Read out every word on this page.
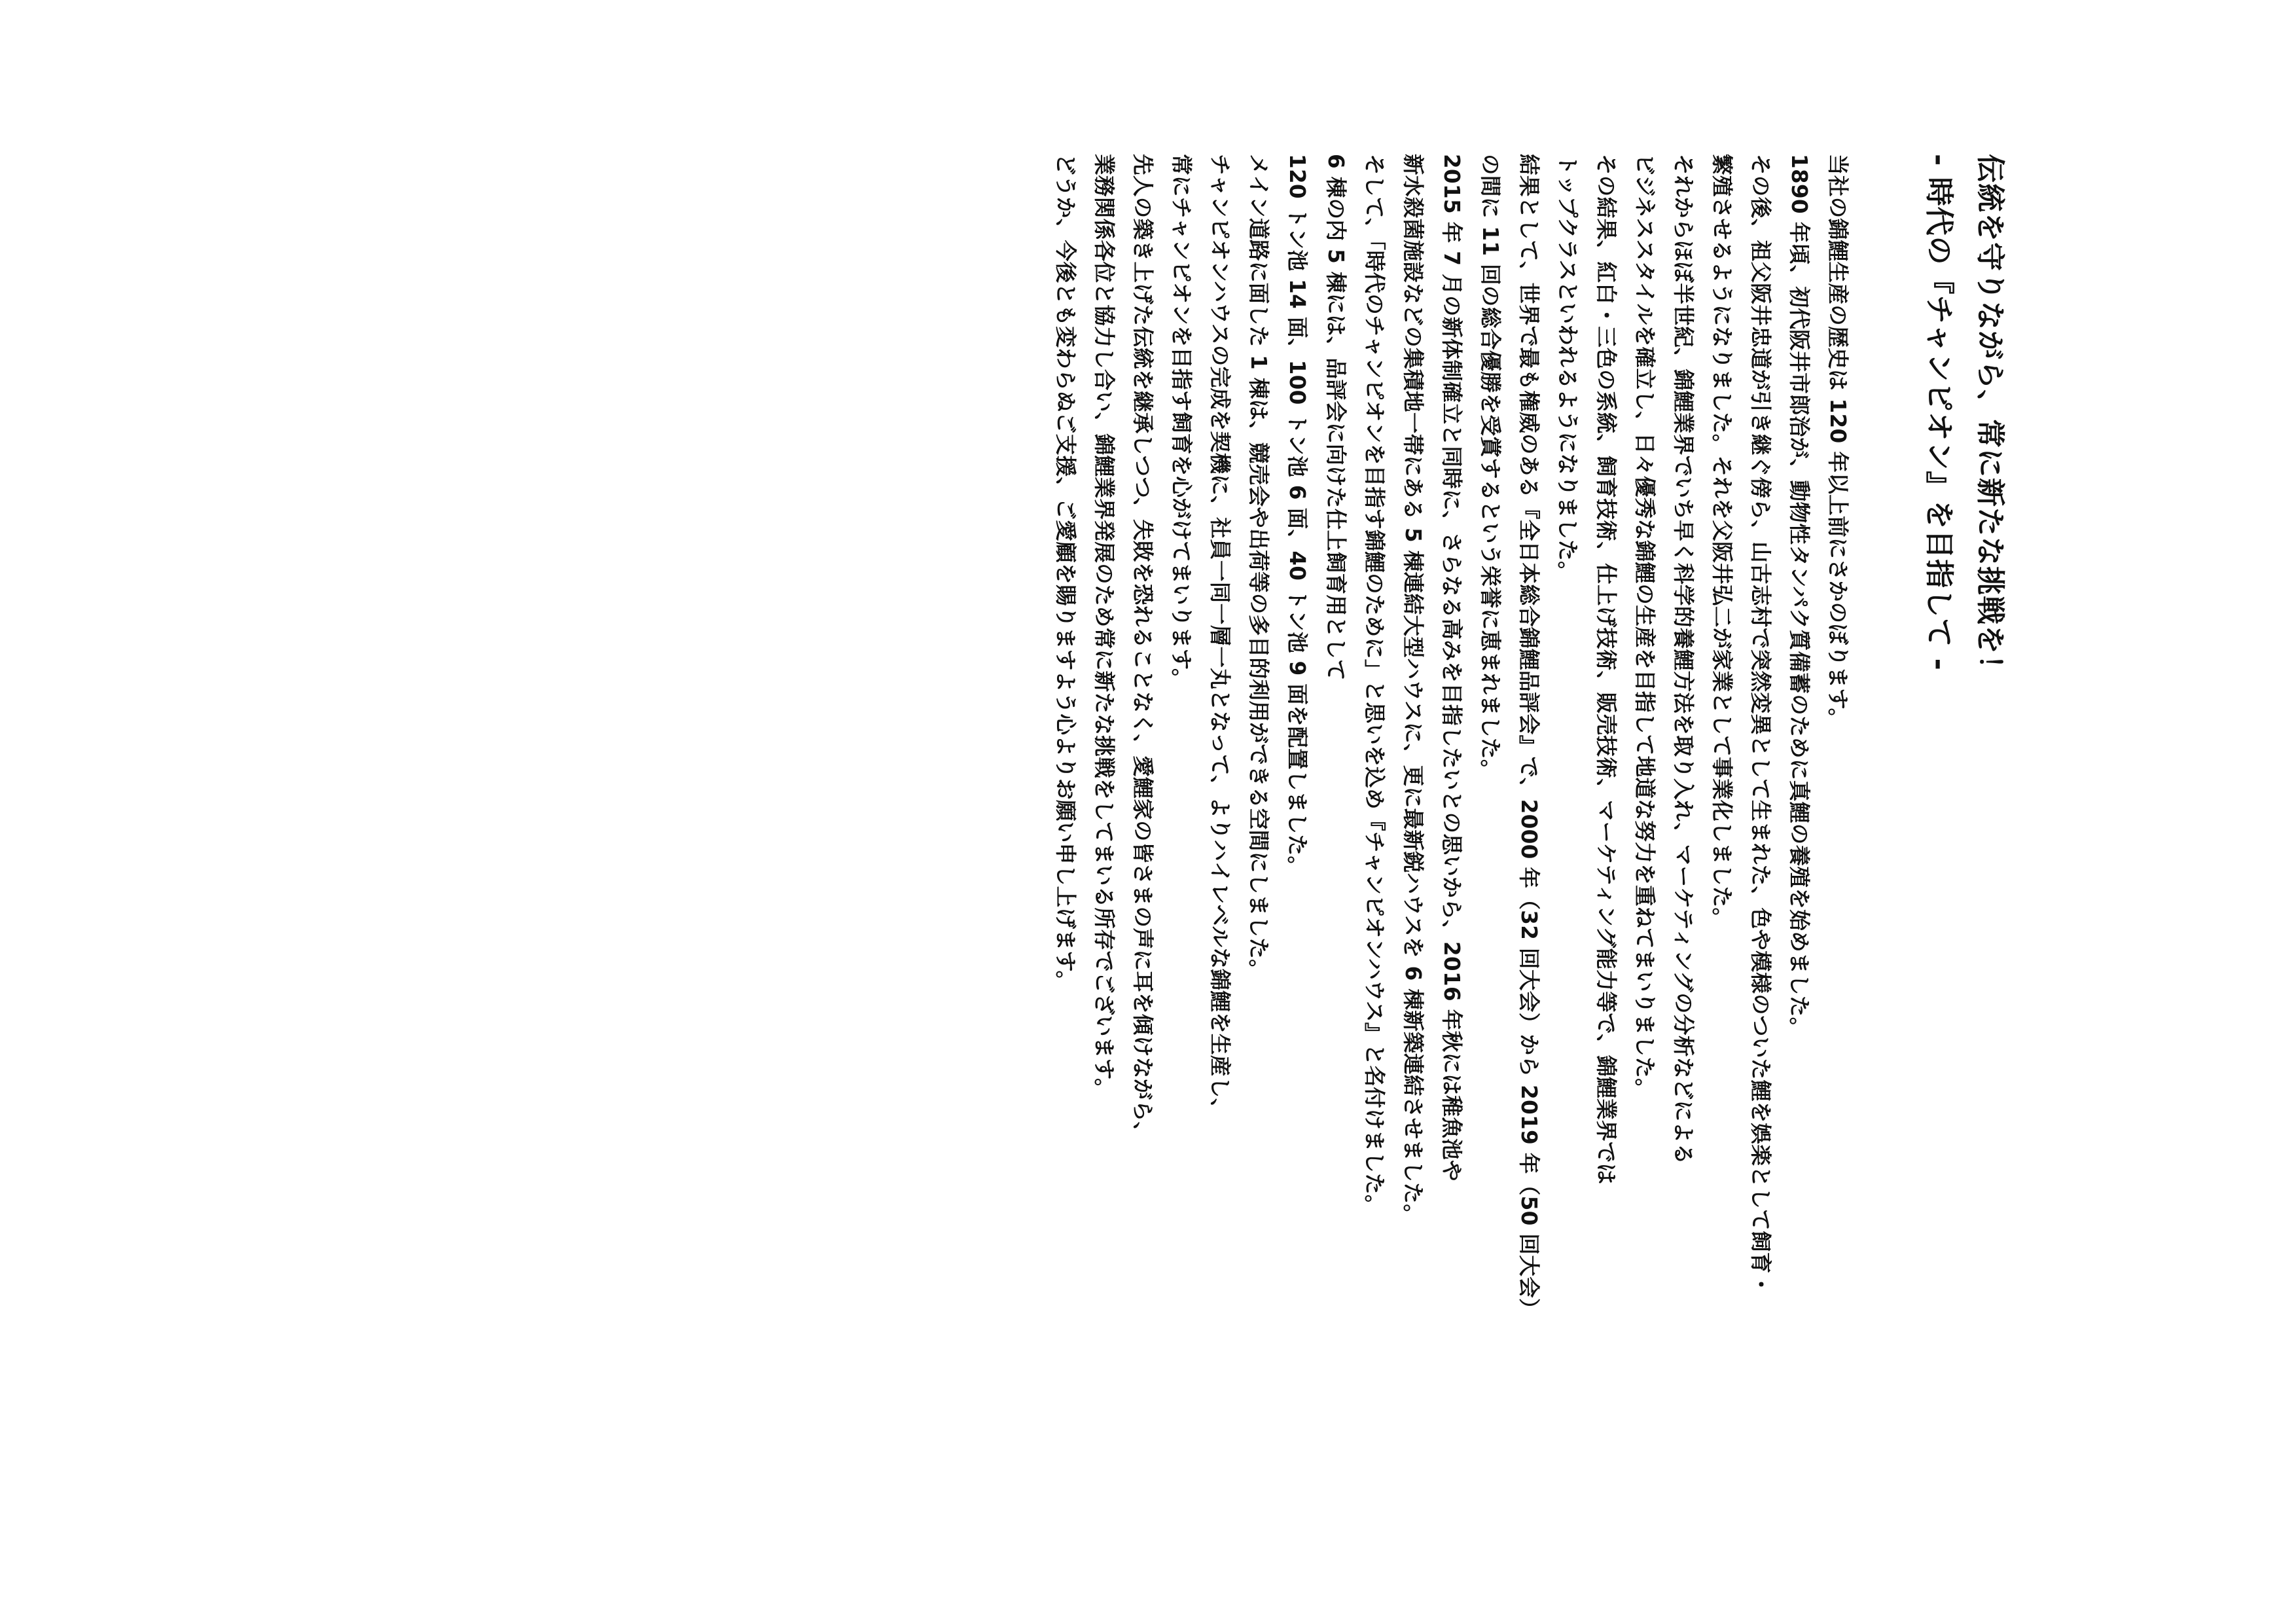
伝統を守りながら、常に新たな挑戦を！
- 時代の『チャンピオン』を目指して -
当社の錦鯉生産の歴史は 120 年以上前にさかのぼります。
1890 年頃、初代阪井市郎治が、動物性タンパク質備蓄のために真鯉の養殖を始めました。
その後、祖父阪井忠道が引き継ぐ傍ら、山古志村で突然変異として生まれた、色や模様のついた鯉を娯楽として飼育・
繁殖させるようになりました。それを父阪井弘二が家業として事業化しました。
それからほぼ半世紀、錦鯉業界でいち早く科学的養鯉方法を取り入れ、マーケティングの分析などによる
ビジネススタイルを確立し、日々優秀な錦鯉の生産を目指して地道な努力を重ねてまいりました。
その結果、紅白・三色の系統、飼育技術、仕上げ技術、販売技術、マーケティング能力等で、錦鯉業界では
トップクラスといわれるようになりました。
結果として、世界で最も権威のある『全日本総合錦鯉品評会』で、2000 年（32 回大会）から 2019 年（50 回大会）
の間に 11 回の総合優勝を受賞するという栄誉に恵まれました。
2015 年 7 月の新体制確立と同時に、さらなる高みを目指したいとの思いから、2016 年秋には稚魚池や
新水殺菌施設などの集積地一帯にある 5 棟連結大型ハウスに、更に最新鋭ハウスを 6 棟新築連結させました。
そして、「時代のチャンピオンを目指す錦鯉のために」と思いを込め『チャンピオンハウス』と名付けました。
6 棟の内 5 棟には、品評会に向けた仕上飼育用として
120 トン池 14 面、100 トン池 6 面、40 トン池 9 面を配置しました。
メイン道路に面した 1 棟は、競売会や出荷等の多目的利用ができる空間にしました。
チャンピオンハウスの完成を契機に、社員一同一層一丸となって、よりハイレベルな錦鯉を生産し、
常にチャンピオンを目指す飼育を心がけてまいります。
先人の築き上げた伝統を継承しつつ、失敗を恐れることなく、愛鯉家の皆さまの声に耳を傾けながら、
業務関係各位と協力し合い、錦鯉業界発展のため常に新たな挑戦をしてまいる所存でございます。
どうか、今後とも変わらぬご支援、ご愛顧を賜りますよう心よりお願い申し上げます。
